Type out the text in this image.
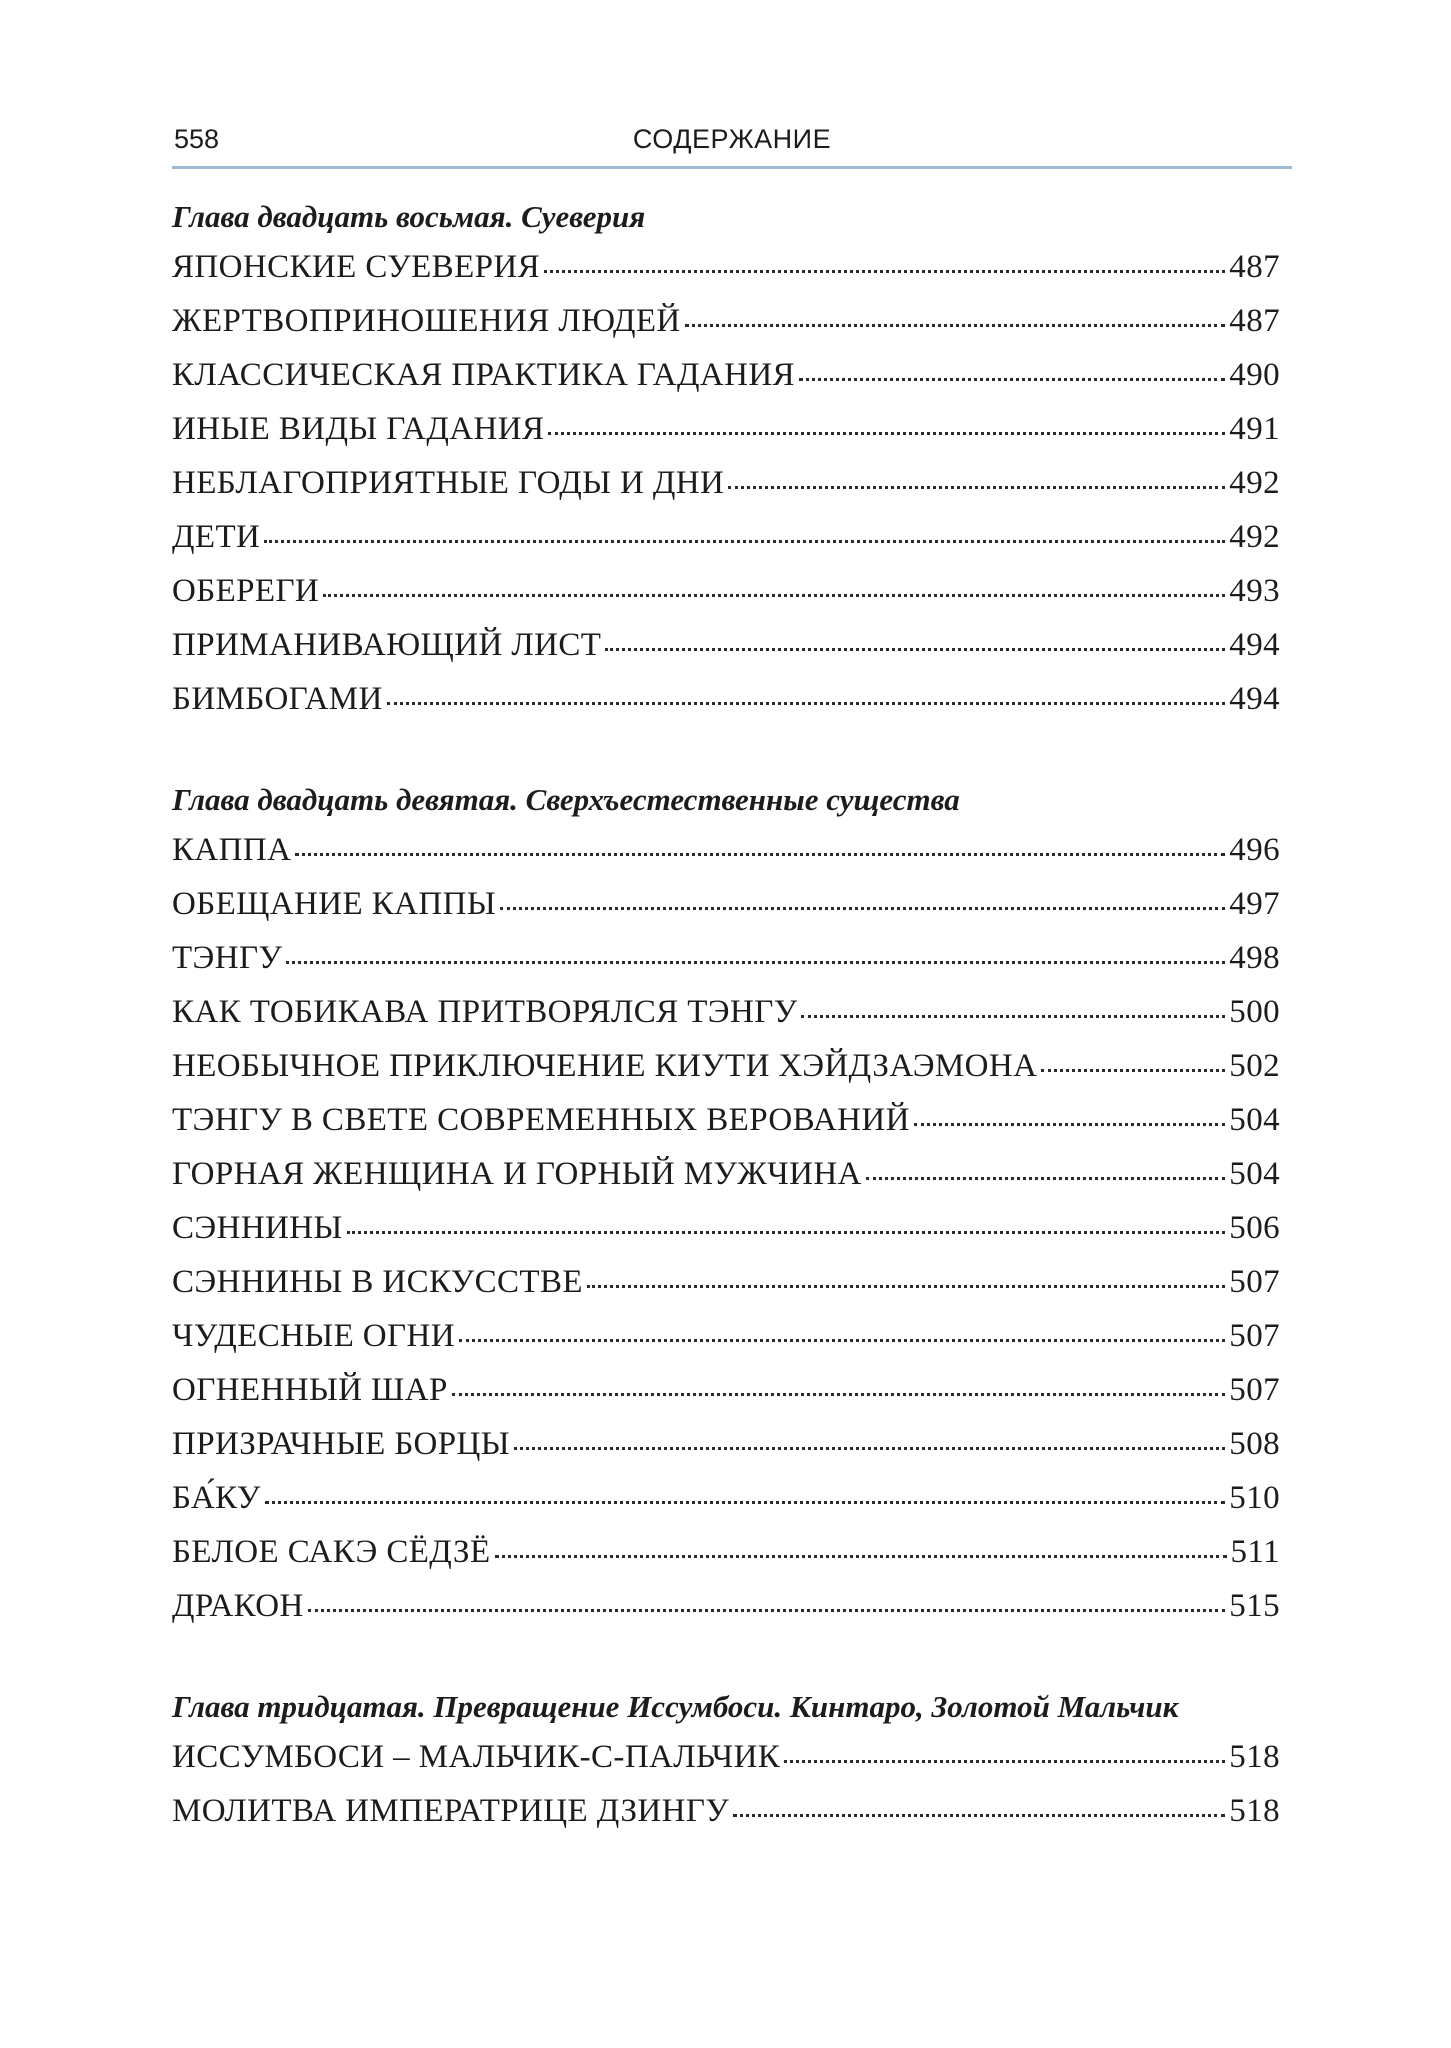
558	СОДЕРЖАНИЕ
Глава двадцать восьмая. Суеверия
ЯПОНСКИЕ СУЕВЕРИЯ	487
ЖЕРТВОПРИНОШЕНИЯ ЛЮДЕЙ	487
КЛАССИЧЕСКАЯ ПРАКТИКА ГАДАНИЯ	490
ИНЫЕ ВИДЫ ГАДАНИЯ	491
НЕБЛАГОПРИЯТНЫЕ ГОДЫ И ДНИ	492
ДЕТИ	492
ОБЕРЕГИ	493
ПРИМАНИВАЮЩИЙ ЛИСТ	494
БИМБОГАМИ	494
Глава двадцать девятая. Сверхъестественные существа
КАППА	496
ОБЕЩАНИЕ КАППЫ	497
ТЭНГУ	498
КАК ТОБИКАВА ПРИТВОРЯЛСЯ ТЭНГУ	500
НЕОБЫЧНОЕ ПРИКЛЮЧЕНИЕ КИУТИ ХЭЙДЗАЭМОНА	502
ТЭНГУ В СВЕТЕ СОВРЕМЕННЫХ ВЕРОВАНИЙ	504
ГОРНАЯ ЖЕНЩИНА И ГОРНЫЙ МУЖЧИНА	504
СЭННИНЫ	506
СЭННИНЫ В ИСКУССТВЕ	507
ЧУДЕСНЫЕ ОГНИ	507
ОГНЕННЫЙ ШАР	507
ПРИЗРАЧНЫЕ БОРЦЫ	508
БА́КУ	510
БЕЛОЕ САКЭ СЁДЗЁ	511
ДРАКОН	515
Глава тридцатая. Превращение Иссумбоси. Кинтаро, Золотой Мальчик
ИССУМБОСИ – МАЛЬЧИК-С-ПАЛЬЧИК	518
МОЛИТВА ИМПЕРАТРИЦЕ ДЗИНГУ	518
